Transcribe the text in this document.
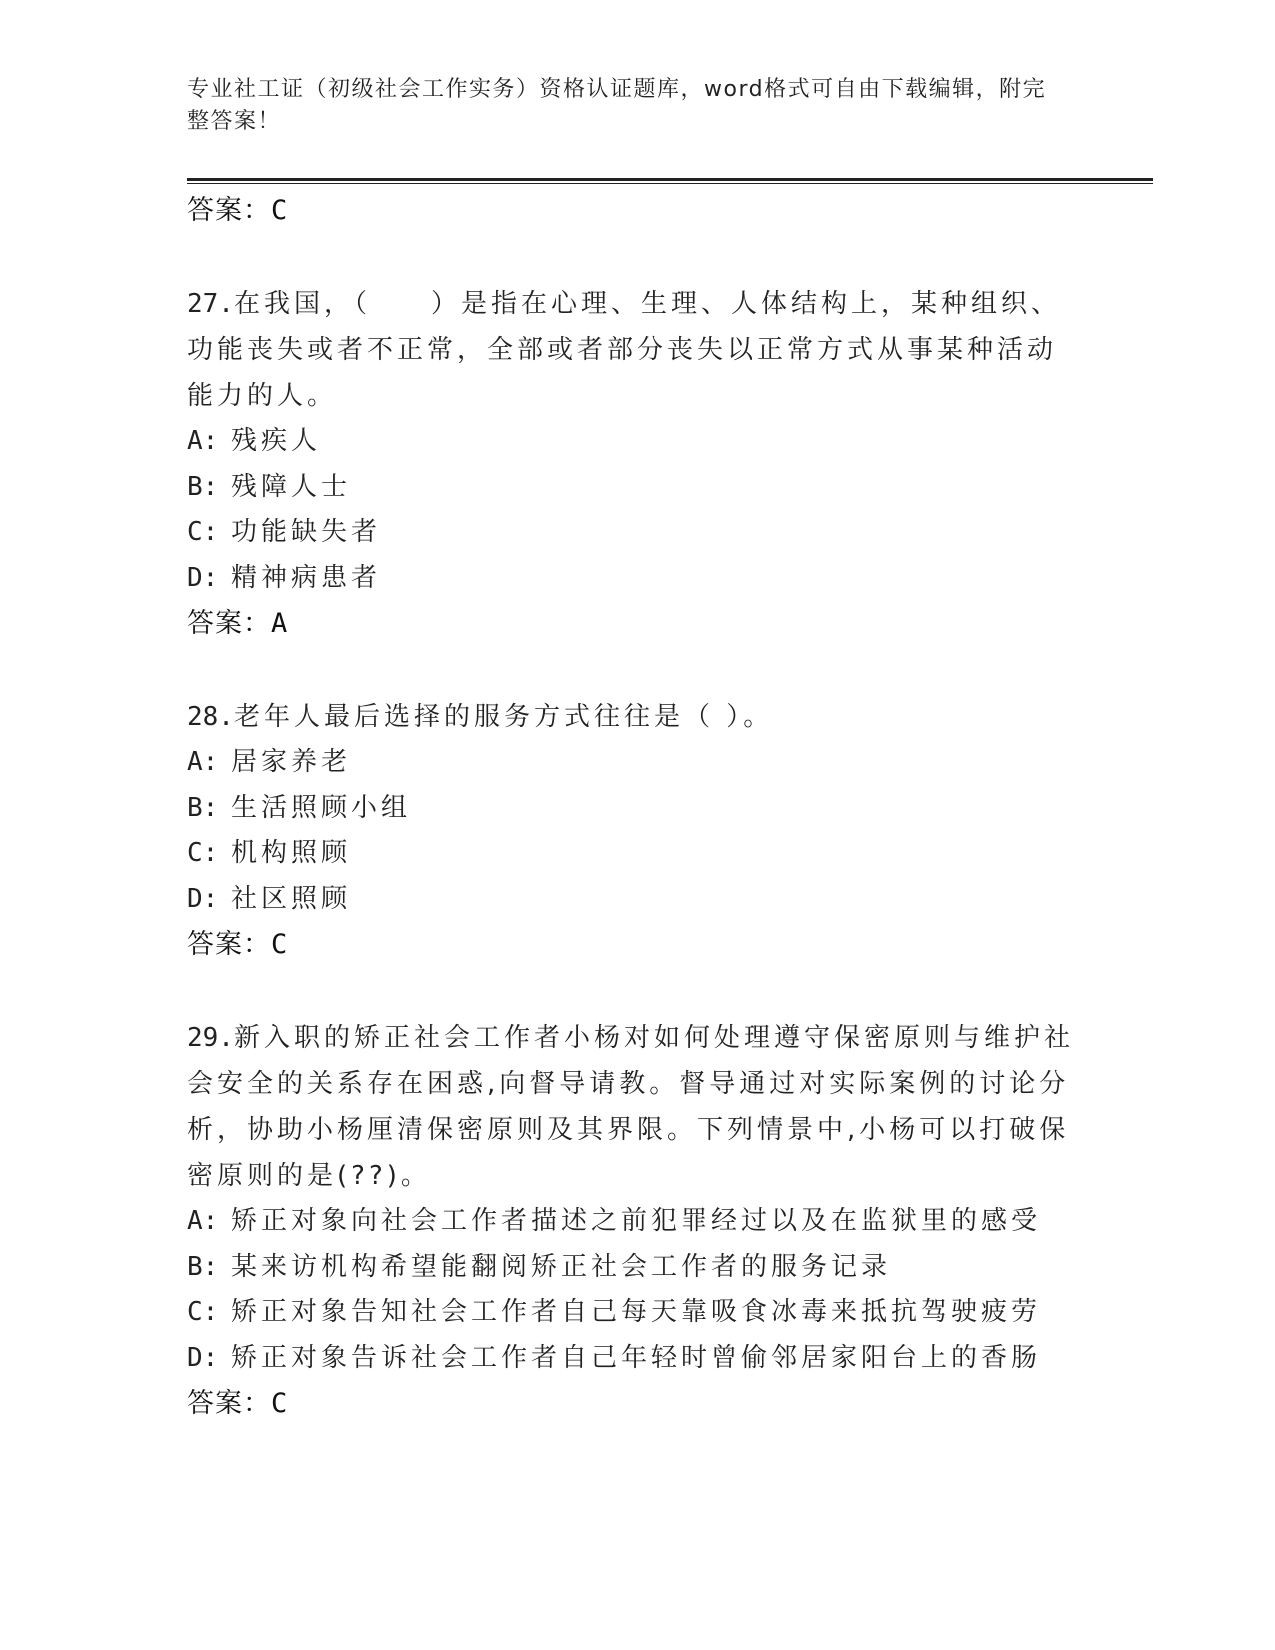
专业社工证（初级社会工作实务）资格认证题库，word格式可自由下载编辑，附完整答案！
答案：C
27.在我国，（　　）是指在心理、生理、人体结构上，某种组织、功能丧失或者不正常，全部或者部分丧失以正常方式从事某种活动能力的人。
A: 残疾人
B: 残障人士
C: 功能缺失者
D: 精神病患者
答案：A
28.老年人最后选择的服务方式往往是（ ）。
A: 居家养老
B: 生活照顾小组
C: 机构照顾
D: 社区照顾
答案：C
29.新入职的矫正社会工作者小杨对如何处理遵守保密原则与维护社会安全的关系存在困惑,向督导请教。督导通过对实际案例的讨论分析，协助小杨厘清保密原则及其界限。下列情景中,小杨可以打破保密原则的是(??)。
A: 矫正对象向社会工作者描述之前犯罪经过以及在监狱里的感受
B: 某来访机构希望能翻阅矫正社会工作者的服务记录
C: 矫正对象告知社会工作者自己每天靠吸食冰毒来抵抗驾驶疲劳
D: 矫正对象告诉社会工作者自己年轻时曾偷邻居家阳台上的香肠
答案：C
